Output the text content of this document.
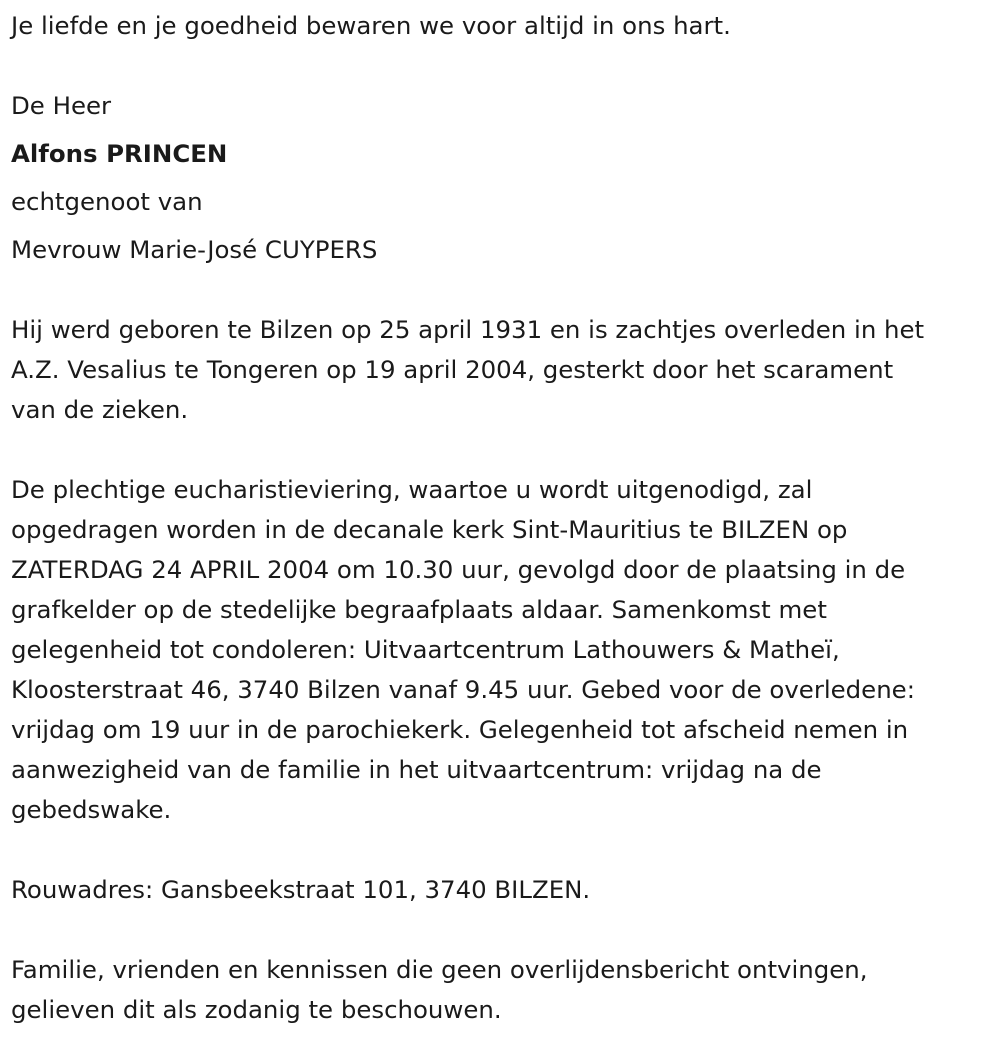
Je liefde en je goedheid bewaren we voor altijd in ons hart.
De Heer
Alfons PRINCEN
echtgenoot van
Mevrouw Marie-José CUYPERS
Hij werd geboren te Bilzen op 25 april 1931 en is zachtjes overleden in het
A.Z. Vesalius te Tongeren op 19 april 2004, gesterkt door het scarament
van de zieken.
De plechtige eucharistieviering, waartoe u wordt uitgenodigd, zal
opgedragen worden in de decanale kerk Sint-Mauritius te BILZEN op
ZATERDAG 24 APRIL 2004 om 10.30 uur, gevolgd door de plaatsing in de
grafkelder op de stedelijke begraafplaats aldaar. Samenkomst met
gelegenheid tot condoleren: Uitvaartcentrum Lathouwers & Matheï,
Kloosterstraat 46, 3740 Bilzen vanaf 9.45 uur. Gebed voor de overledene:
vrijdag om 19 uur in de parochiekerk. Gelegenheid tot afscheid nemen in
aanwezigheid van de familie in het uitvaartcentrum: vrijdag na de
gebedswake.
Rouwadres: Gansbeekstraat 101, 3740 BILZEN.
Familie, vrienden en kennissen die geen overlijdensbericht ontvingen,
gelieven dit als zodanig te beschouwen.
